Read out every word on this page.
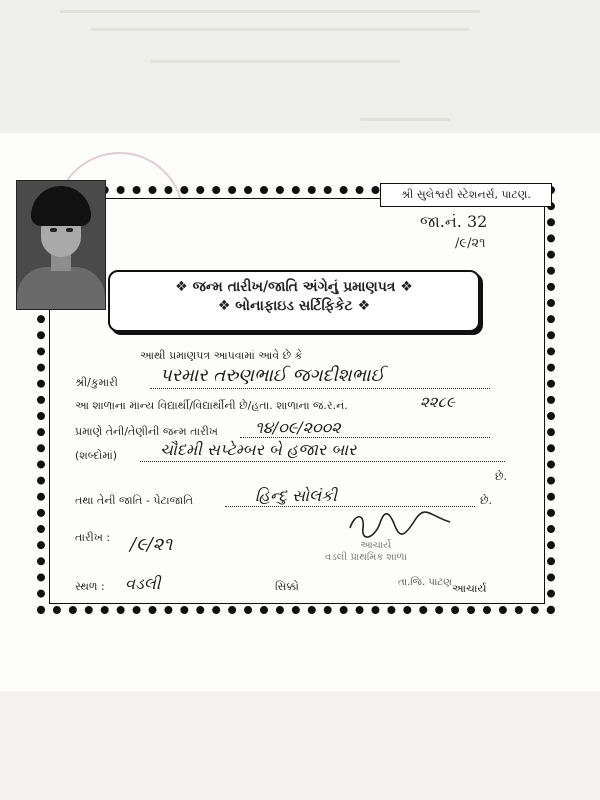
શ્રી સુલેશ્વરી સ્ટેશનર્સ, પાટણ.
જા.નં. 32
/૯/૨૧
❖ જન્મ તારીખ/જાતિ અંગેનું પ્રમાણપત્ર ❖
❖ બોનાફાઇડ સર્ટિફિકેટ ❖
આથી પ્રમાણપત્ર આપવામાં આવે છે કે
શ્રી/કુમારી પરમાર તરુણભાઈ જગદીશભાઈ
આ શાળાના માન્ય વિદ્યાર્થી/વિદ્યાર્થીની છે/હતા. શાળાના જ.ર.નં.	૨૨૮૯
પ્રમાણે તેની/તેણીની જન્મ તારીખ ૧૪/૦૯/૨૦૦૨
(શબ્દોમાં)	ચૌદમી સપ્ટેમ્બર બે હજાર બાર
છે.
તથા તેની જાતિ - પેટાજાતિ	હિન્દુ સોલંકી	છે.
તારીખ : /૯/૨૧	આચાર્ય
વડલી પ્રાથમિક શાળા
સ્થળ : વડલી	સિક્કો	તા.જિ. પાટણ આચાર્ય
